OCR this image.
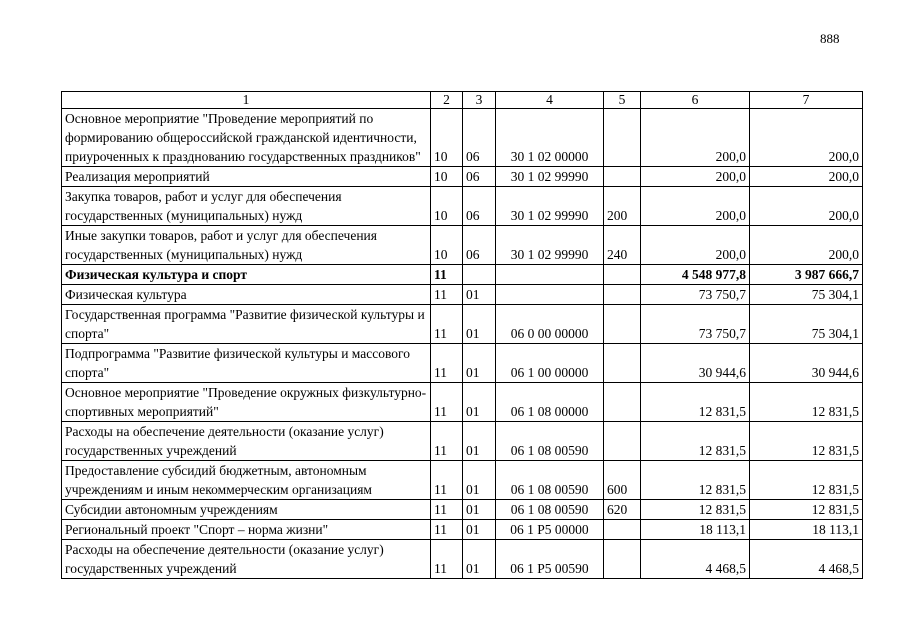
888
1	2	3	4	5	6	7
Основное мероприятие "Проведение мероприятий по формированию общероссийской гражданской идентичности, приуроченных к празднованию государственных праздников"	10	06	30 1 02 00000		200,0	200,0
Реализация мероприятий	10	06	30 1 02 99990		200,0	200,0
Закупка товаров, работ и услуг для обеспечения государственных (муниципальных) нужд	10	06	30 1 02 99990	200	200,0	200,0
Иные закупки товаров, работ и услуг для обеспечения государственных (муниципальных) нужд	10	06	30 1 02 99990	240	200,0	200,0
Физическая культура и спорт	11				4 548 977,8	3 987 666,7
Физическая культура	11	01			73 750,7	75 304,1
Государственная программа "Развитие физической культуры и спорта"	11	01	06 0 00 00000		73 750,7	75 304,1
Подпрограмма "Развитие физической культуры и массового спорта"	11	01	06 1 00 00000		30 944,6	30 944,6
Основное мероприятие "Проведение окружных физкультурно-спортивных мероприятий"	11	01	06 1 08 00000		12 831,5	12 831,5
Расходы на обеспечение деятельности (оказание услуг) государственных учреждений	11	01	06 1 08 00590		12 831,5	12 831,5
Предоставление субсидий бюджетным, автономным учреждениям и иным некоммерческим организациям	11	01	06 1 08 00590	600	12 831,5	12 831,5
Субсидии автономным учреждениям	11	01	06 1 08 00590	620	12 831,5	12 831,5
Региональный проект "Спорт – норма жизни"	11	01	06 1 P5 00000		18 113,1	18 113,1
Расходы на обеспечение деятельности (оказание услуг) государственных учреждений	11	01	06 1 P5 00590		4 468,5	4 468,5
